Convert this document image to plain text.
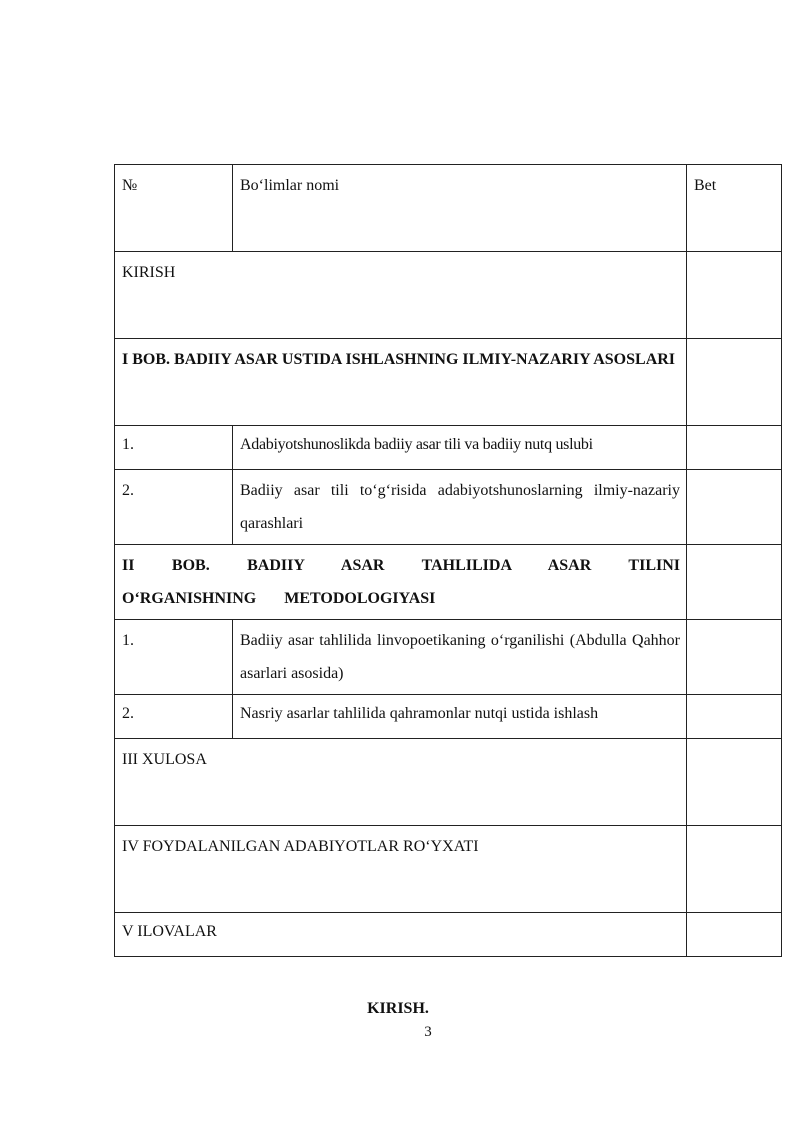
№	Bo‘limlar nomi	Bet
KIRISH		
I BOB. BADIIY ASAR USTIDA ISHLASHNING ILMIY-NAZARIY ASOSLARI		
1.	Adabiyotshunoslikda badiiy asar tili va badiiy nutq uslubi	
2.	Badiiy asar tili to‘g‘risida adabiyotshunoslarning ilmiy-nazariy qarashlari	
II BOB. BADIIY ASAR TAHLILIDA ASAR TILINI O‘RGANISHNING METODOLOGIYASI		
1.	Badiiy asar tahlilida linvopoetikaning o‘rganilishi (Abdulla Qahhor asarlari asosida)	
2.	Nasriy asarlar tahlilida qahramonlar nutqi ustida ishlash	
III XULOSA		
IV FOYDALANILGAN ADABIYOTLAR RO‘YXATI		
V ILOVALAR		
KIRISH.
3
